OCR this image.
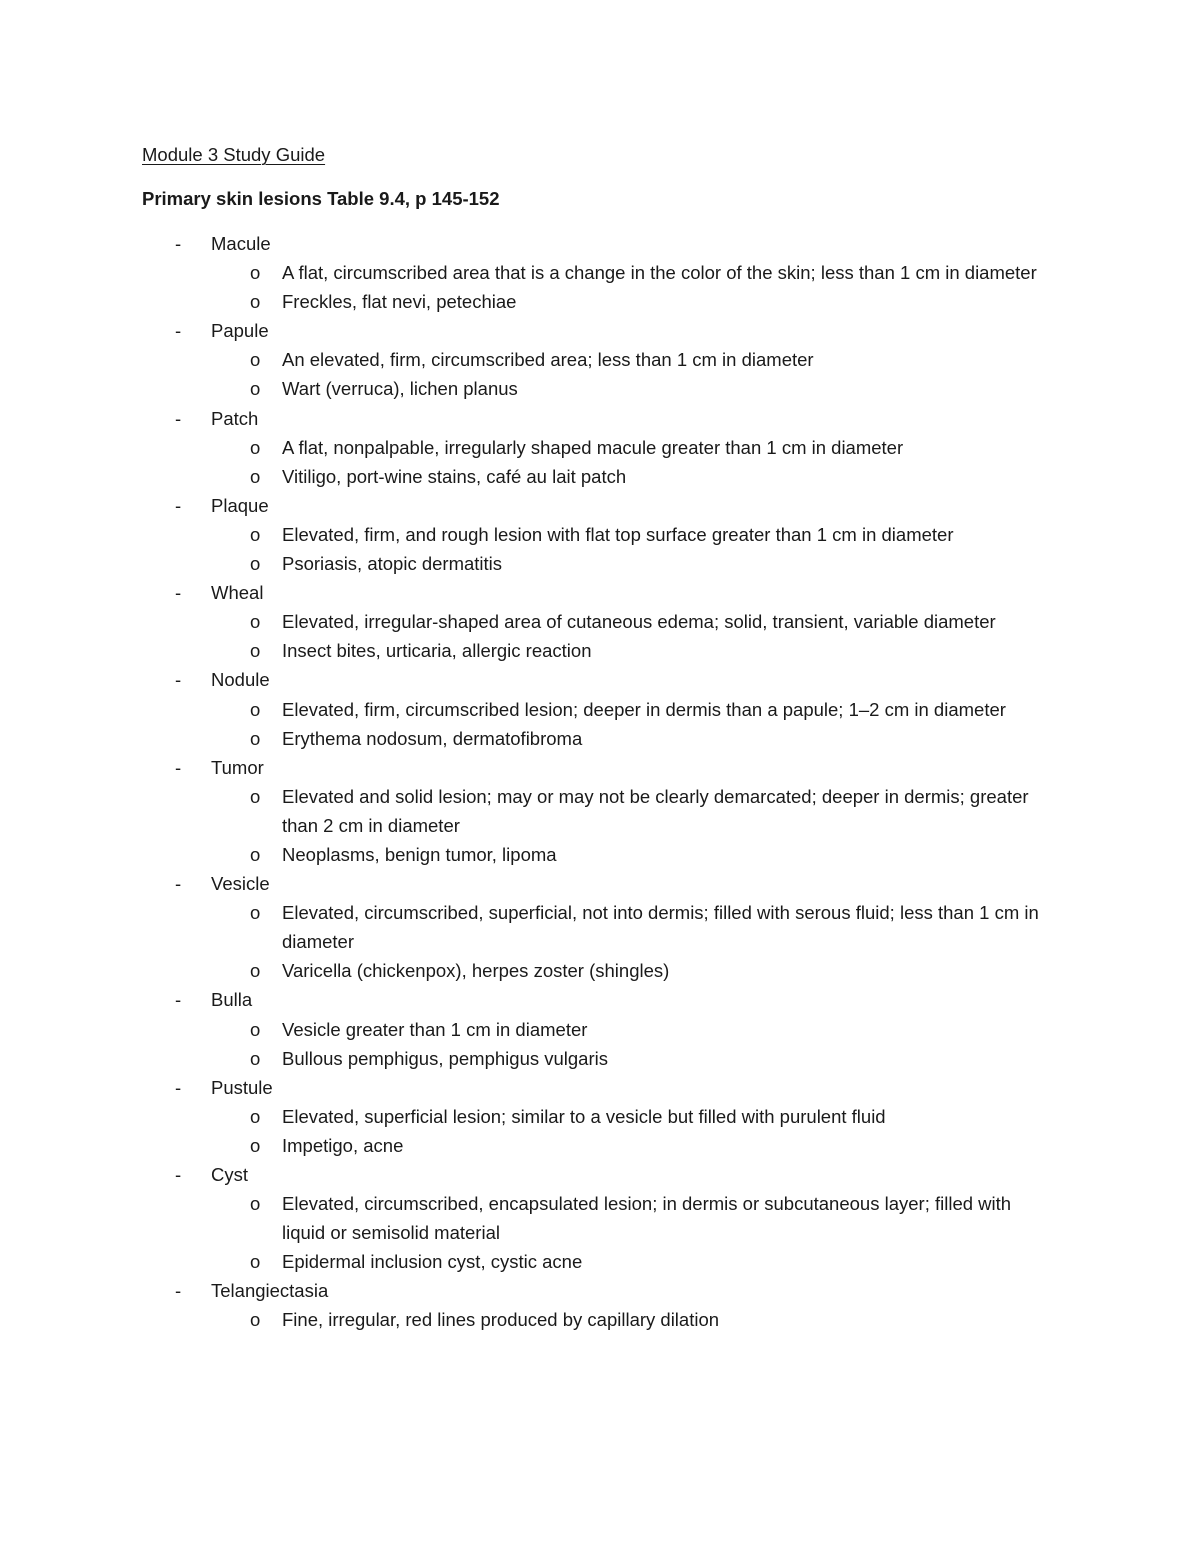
Module 3 Study Guide
Primary skin lesions Table 9.4, p 145-152
-	Macule
o A flat, circumscribed area that is a change in the color of the skin; less than 1 cm in diameter
o Freckles, flat nevi, petechiae
-	Papule
o An elevated, firm, circumscribed area; less than 1 cm in diameter
o Wart (verruca), lichen planus
-	Patch
o A flat, nonpalpable, irregularly shaped macule greater than 1 cm in diameter
o Vitiligo, port-wine stains, café au lait patch
-	Plaque
o Elevated, firm, and rough lesion with flat top surface greater than 1 cm in diameter
o Psoriasis, atopic dermatitis
-	Wheal
o Elevated, irregular-shaped area of cutaneous edema; solid, transient, variable diameter
o Insect bites, urticaria, allergic reaction
-	Nodule
o Elevated, firm, circumscribed lesion; deeper in dermis than a papule; 1–2 cm in diameter
o Erythema nodosum, dermatofibroma
-	Tumor
o Elevated and solid lesion; may or may not be clearly demarcated; deeper in dermis; greater than 2 cm in diameter
o Neoplasms, benign tumor, lipoma
-	Vesicle
o Elevated, circumscribed, superficial, not into dermis; filled with serous fluid; less than 1 cm in diameter
o Varicella (chickenpox), herpes zoster (shingles)
-	Bulla
o Vesicle greater than 1 cm in diameter
o Bullous pemphigus, pemphigus vulgaris
-	Pustule
o Elevated, superficial lesion; similar to a vesicle but filled with purulent fluid
o Impetigo, acne
-	Cyst
o Elevated, circumscribed, encapsulated lesion; in dermis or subcutaneous layer; filled with liquid or semisolid material
o Epidermal inclusion cyst, cystic acne
-	Telangiectasia
o Fine, irregular, red lines produced by capillary dilation
